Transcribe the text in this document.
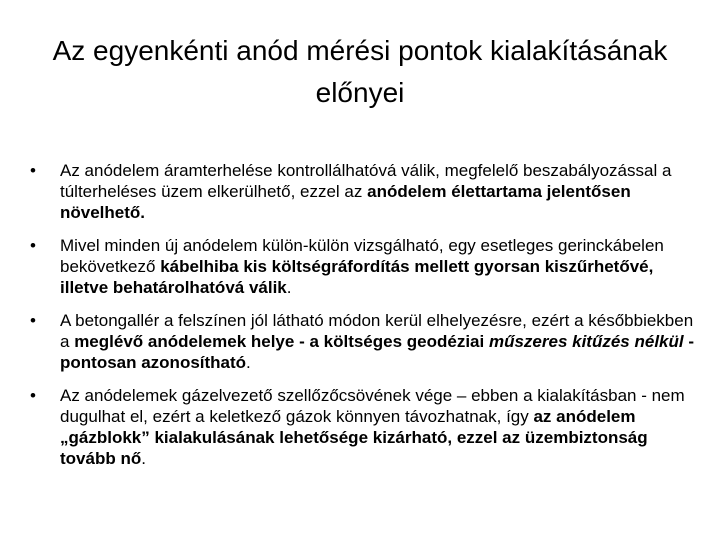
Az egyenkénti anód mérési pontok kialakításának
előnyei
•	Az anódelem áramterhelése kontrollálhatóvá válik, megfelelő beszabályozással a túlterheléses üzem elkerülhető, ezzel az anódelem élettartama jelentősen növelhető.
•	Mivel minden új anódelem külön-külön vizsgálható, egy esetleges gerinckábelen bekövetkező kábelhiba kis költségráfordítás mellett gyorsan kiszűrhetővé, illetve behatárolhatóvá válik.
•	A betongallér a felszínen jól látható módon kerül elhelyezésre, ezért a későbbiekben a meglévő anódelemek helye - a költséges geodéziai műszeres kitűzés nélkül - pontosan azonosítható.
•	Az anódelemek gázelvezető szellőzőcsövének vége – ebben a kialakításban - nem dugulhat el, ezért a keletkező gázok könnyen távozhatnak, így az anódelem „gázblokk” kialakulásának lehetősége kizárható, ezzel az üzembiztonság tovább nő.
